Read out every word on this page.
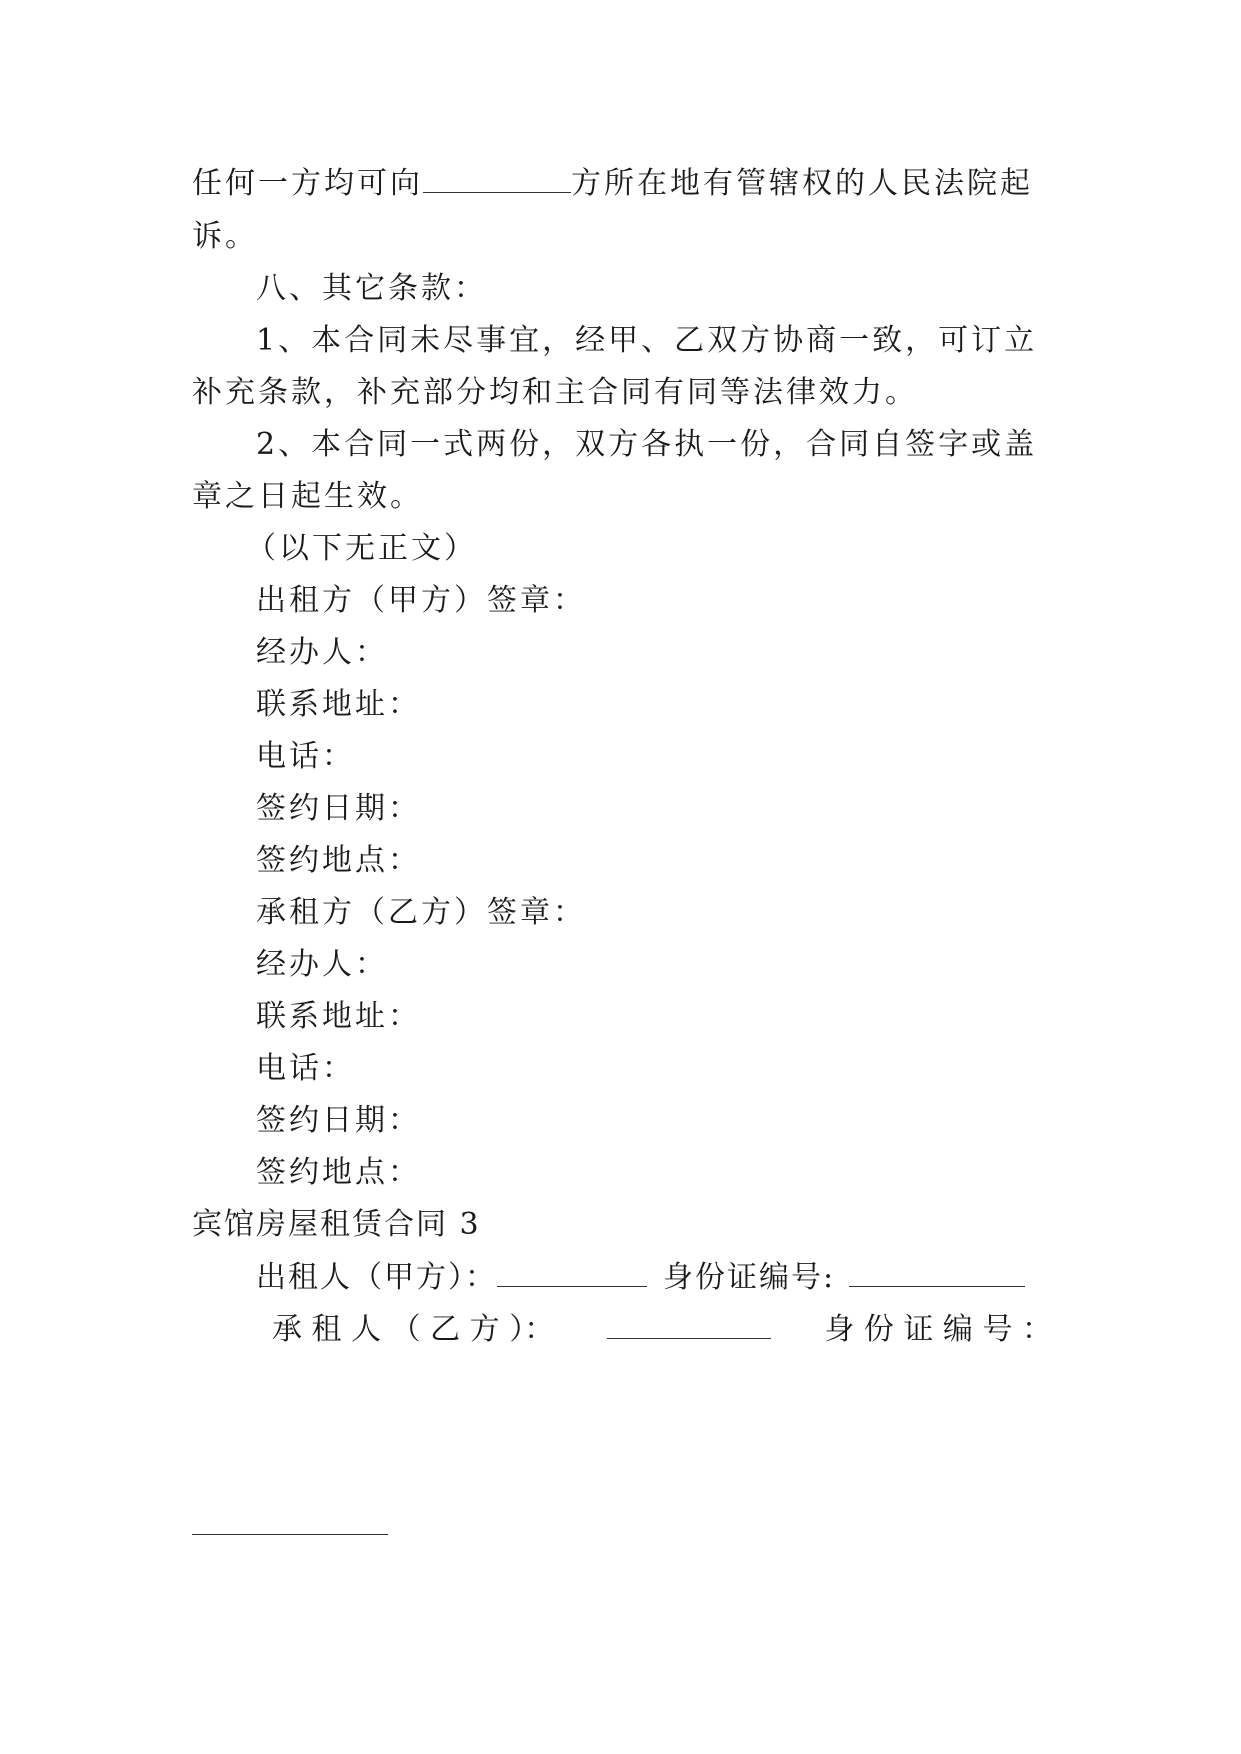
任何一方均可向	方所在地有管辖权的人民法院起
诉。
八、其它条款：
1、本合同未尽事宜，经甲、乙双方协商一致，可订立
补充条款，补充部分均和主合同有同等法律效力。
2、本合同一式两份，双方各执一份，合同自签字或盖
章之日起生效。
（以下无正文）
出租方（甲方）签章：
经办人：
联系地址：
电话：
签约日期：
签约地点：
承租方（乙方）签章：
经办人：
联系地址：
电话：
签约日期：
签约地点：
宾馆房屋租赁合同 3
出租人（甲方）：	身份证编号:
承 租 人 （ 乙 方 ）：	身 份 证 编 号 ：
